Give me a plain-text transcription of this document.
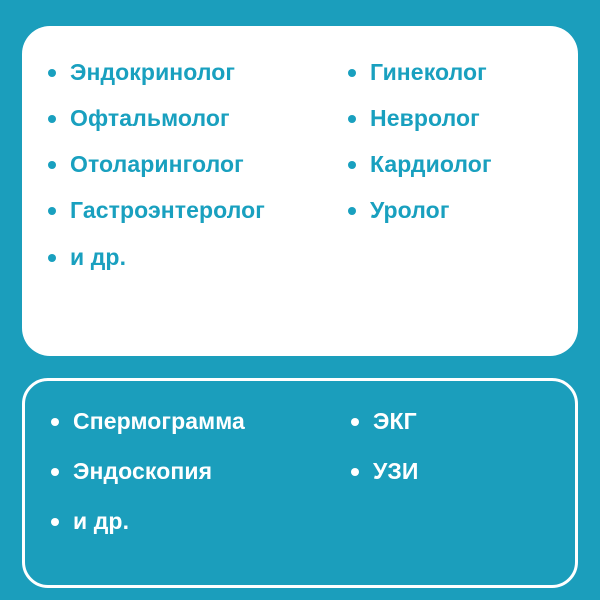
Эндокринолог
Офтальмолог
Отоларинголог
Гастроэнтеролог
и др.
Гинеколог
Невролог
Кардиолог
Уролог
Спермограмма
Эндоскопия
и др.
ЭКГ
УЗИ
